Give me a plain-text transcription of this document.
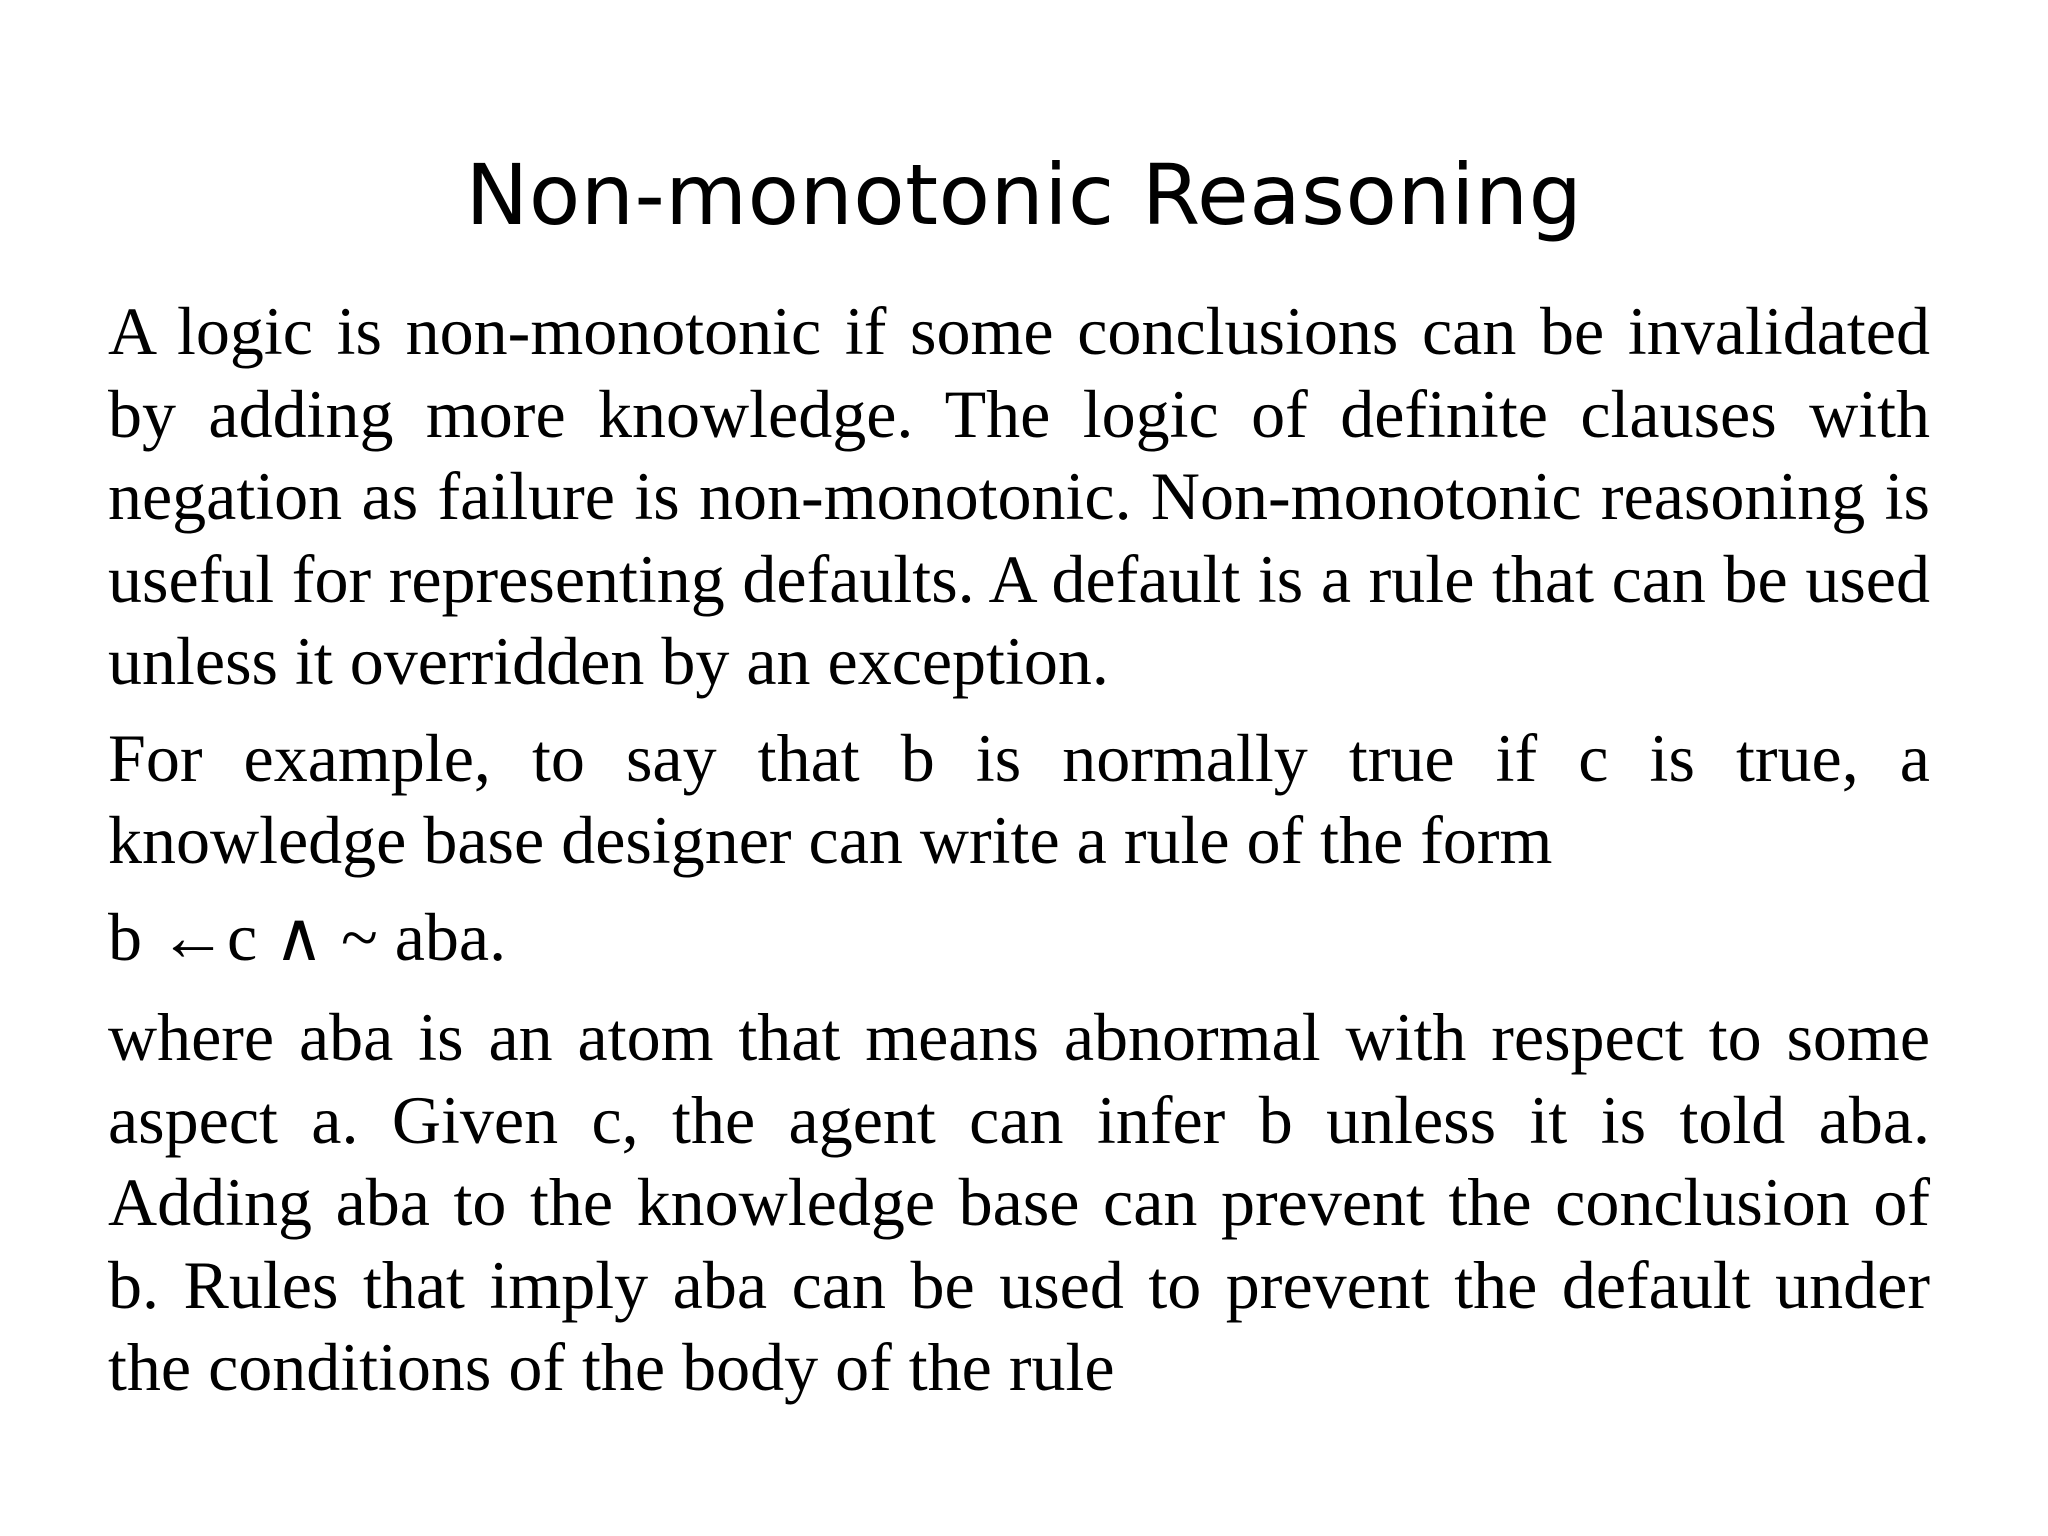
Non-monotonic Reasoning

A logic is non-monotonic if some conclusions can be invalidated by adding more knowledge. The logic of definite clauses with negation as failure is non-monotonic. Non-monotonic reasoning is useful for representing defaults. A default is a rule that can be used unless it overridden by an exception.

For example, to say that b is normally true if c is true, a knowledge base designer can write a rule of the form

b ←c ∧ ~ aba.

where aba is an atom that means abnormal with respect to some aspect a. Given c, the agent can infer b unless it is told aba. Adding aba to the knowledge base can prevent the conclusion of b. Rules that imply aba can be used to prevent the default under the conditions of the body of the rule
